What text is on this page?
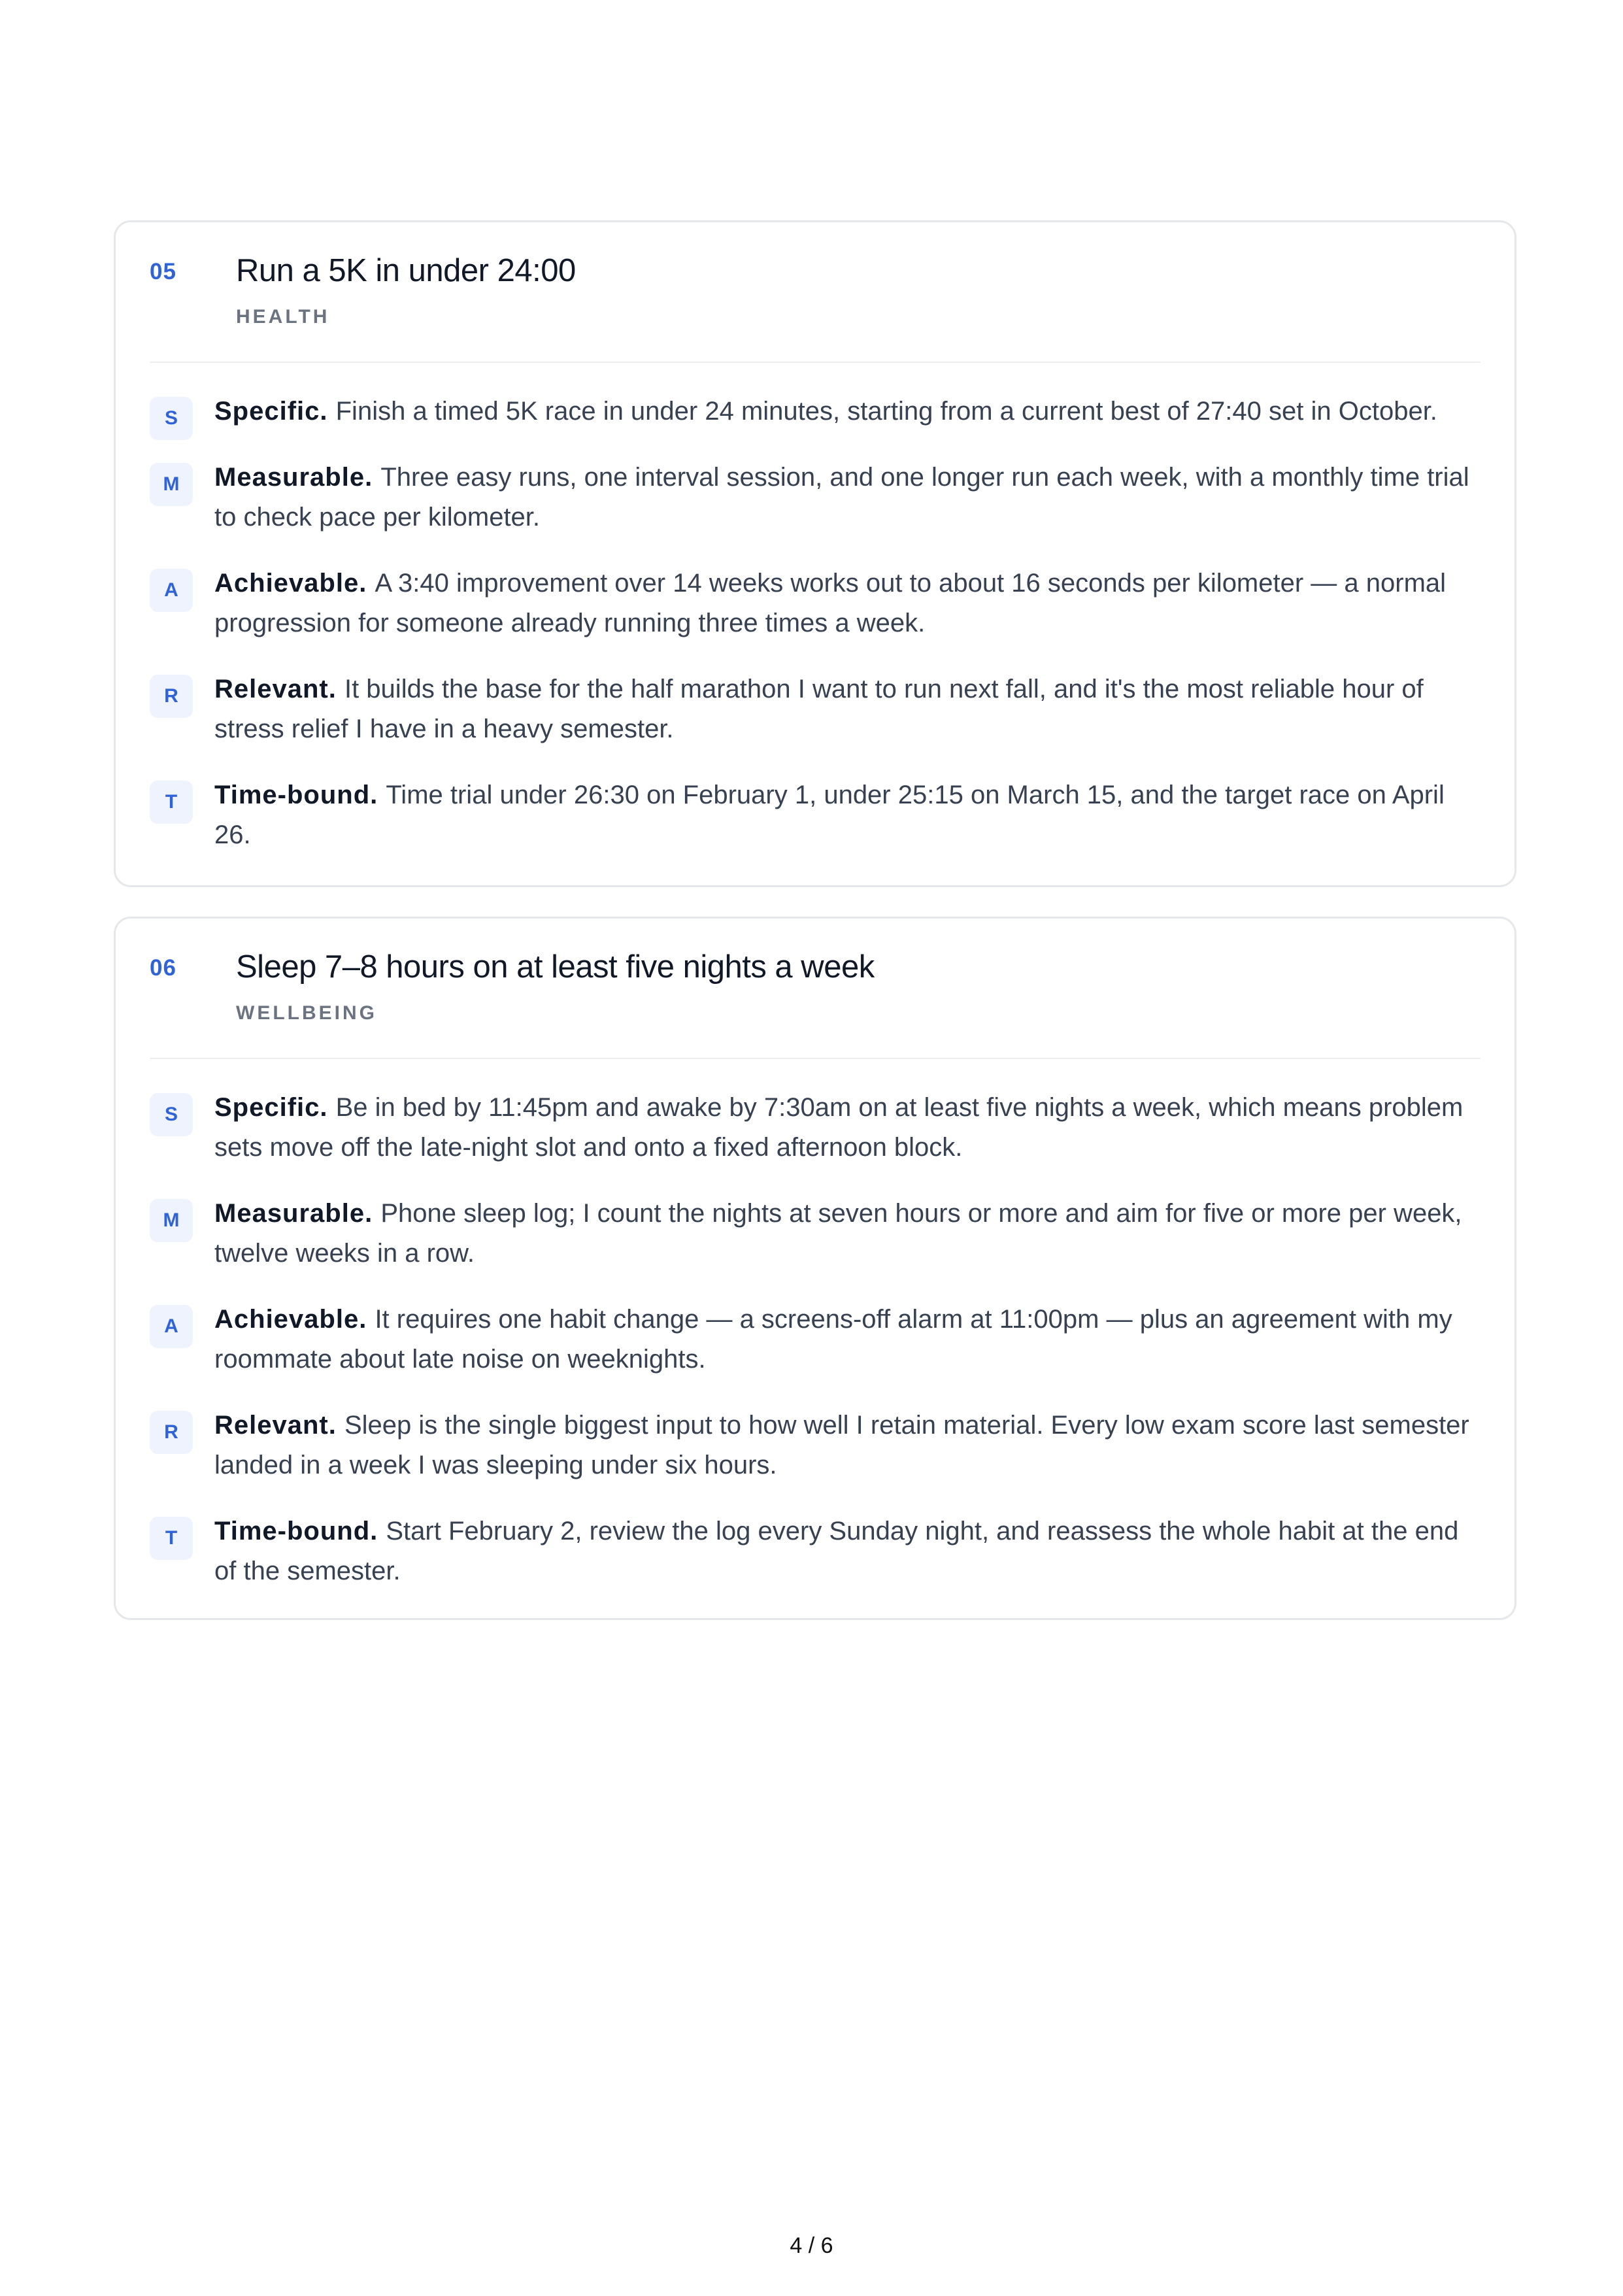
05 Run a 5K in under 24:00
HEALTH
S	Specific. Finish a timed 5K race in under 24 minutes, starting from a current best of 27:40 set in October.
M	Measurable. Three easy runs, one interval session, and one longer run each week, with a monthly time trial to check pace per kilometer.
A	Achievable. A 3:40 improvement over 14 weeks works out to about 16 seconds per kilometer — a normal progression for someone already running three times a week.
R	Relevant. It builds the base for the half marathon I want to run next fall, and it's the most reliable hour of stress relief I have in a heavy semester.
T	Time-bound. Time trial under 26:30 on February 1, under 25:15 on March 15, and the target race on April 26.
06 Sleep 7–8 hours on at least five nights a week
WELLBEING
S	Specific. Be in bed by 11:45pm and awake by 7:30am on at least five nights a week, which means problem sets move off the late-night slot and onto a fixed afternoon block.
M	Measurable. Phone sleep log; I count the nights at seven hours or more and aim for five or more per week, twelve weeks in a row.
A	Achievable. It requires one habit change — a screens-off alarm at 11:00pm — plus an agreement with my roommate about late noise on weeknights.
R	Relevant. Sleep is the single biggest input to how well I retain material. Every low exam score last semester landed in a week I was sleeping under six hours.
T	Time-bound. Start February 2, review the log every Sunday night, and reassess the whole habit at the end of the semester.
4 / 6
